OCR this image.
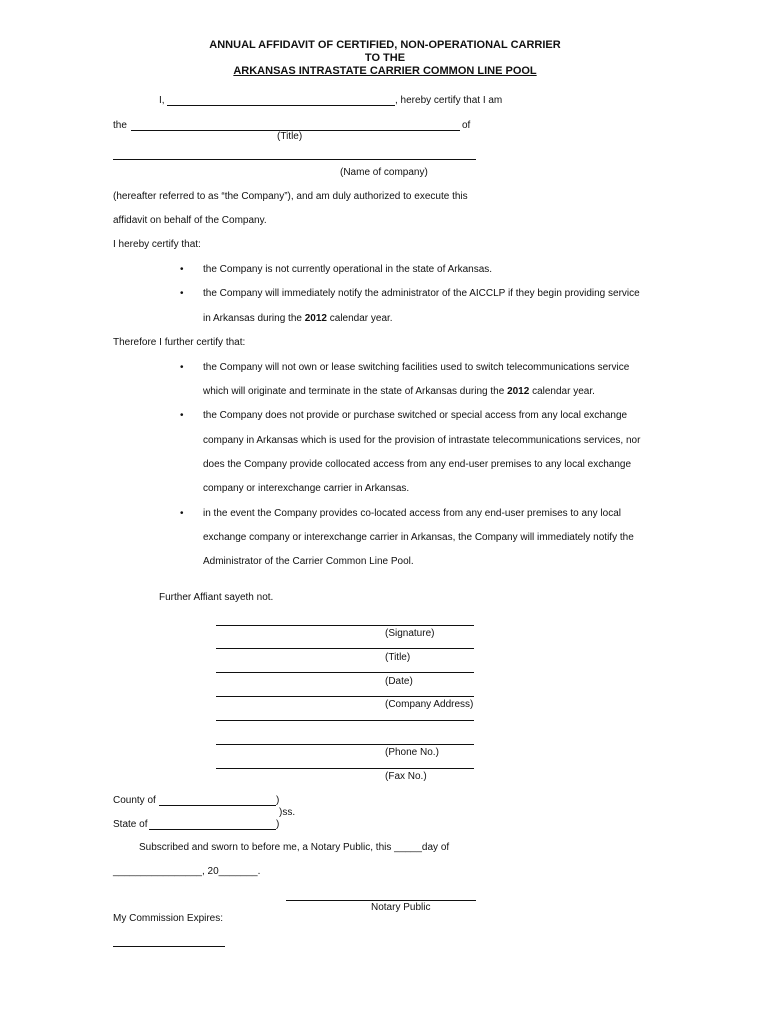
ANNUAL AFFIDAVIT OF CERTIFIED, NON-OPERATIONAL CARRIER
TO THE
ARKANSAS INTRASTATE CARRIER COMMON LINE POOL
I,	, hereby certify that I am
the	of
(Title)
(Name of company)
(hereafter referred to as “the Company”), and am duly authorized to execute this
affidavit on behalf of the Company.
I hereby certify that:
• the Company is not currently operational in the state of Arkansas.
• the Company will immediately notify the administrator of the AICCLP if they begin providing service
in Arkansas during the 2012 calendar year.
Therefore I further certify that:
• the Company will not own or lease switching facilities used to switch telecommunications service
which will originate and terminate in the state of Arkansas during the 2012 calendar year.
• the Company does not provide or purchase switched or special access from any local exchange
company in Arkansas which is used for the provision of intrastate telecommunications services, nor
does the Company provide collocated access from any end-user premises to any local exchange
company or interexchange carrier in Arkansas.
• in the event the Company provides co-located access from any end-user premises to any local
exchange company or interexchange carrier in Arkansas, the Company will immediately notify the
Administrator of the Carrier Common Line Pool.
Further Affiant sayeth not.
(Signature)
(Title)
(Date)
(Company Address)
(Phone No.)
(Fax No.)
County of	)
)ss.
State of	)
Subscribed and sworn to before me, a Notary Public, this _____day of
________________, 20_______.
Notary Public
My Commission Expires:
